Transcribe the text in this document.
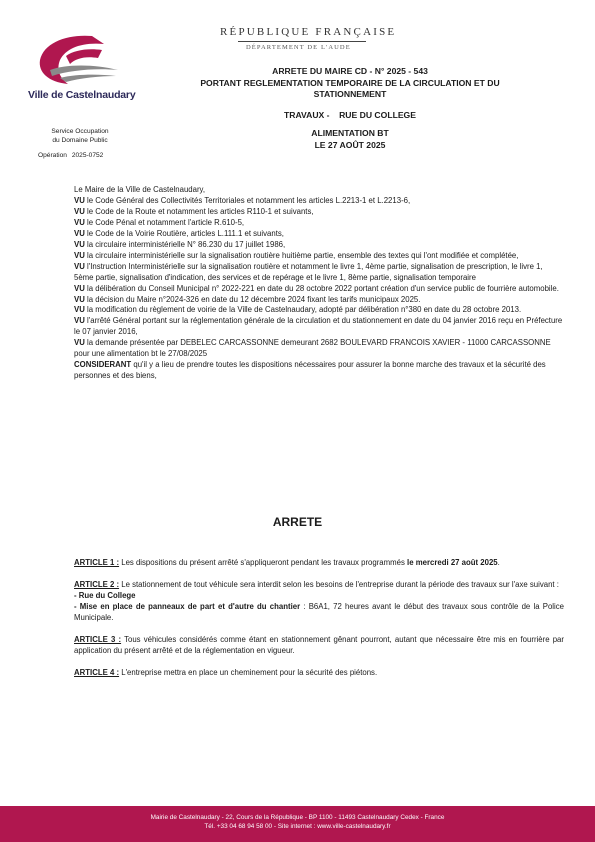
Ville de Castelnaudary
Service Occupation
du Domaine Public
Opération 2025-0752
RÉPUBLIQUE FRANÇAISE
DÉPARTEMENT DE L'AUDE

ARRETE DU MAIRE CD - N° 2025 - 543

PORTANT REGLEMENTATION TEMPORAIRE DE LA CIRCULATION ET DU

STATIONNEMENT

TRAVAUX -    RUE DU COLLEGE

ALIMENTATION BT

LE 27 AOÛT 2025

Le Maire de la Ville de Castelnaudary,

VU le Code Général des Collectivités Territoriales et notamment les articles L.2213-1 et L.2213-6,

VU le Code de la Route et notamment les articles R110-1 et suivants,

VU le Code Pénal et notamment l'article R.610-5,

VU le Code de la Voirie Routière, articles L.111.1 et suivants,

VU la circulaire interministérielle N° 86.230 du 17 juillet 1986,

VU la circulaire interministérielle sur la signalisation routière huitième partie, ensemble des textes qui l'ont modifiée et complétée,

VU l'Instruction Interministérielle sur la signalisation routière et notamment le livre 1, 4ème partie, signalisation de prescription, le livre 1, 5ème partie, signalisation d'indication, des services et de repérage et le livre 1, 8ème partie, signalisation temporaire

VU la délibération du Conseil Municipal n° 2022-221 en date du 28 octobre 2022 portant création d'un service public de fourrière automobile.

VU la décision du Maire n°2024-326 en date du 12 décembre 2024 fixant les tarifs municipaux 2025.

VU la modification du règlement de voirie de la Ville de Castelnaudary, adopté par délibération n°380 en date du 28 octobre 2013.

VU l'arrêté Général portant sur la réglementation générale de la circulation et du stationnement en date du 04 janvier 2016 reçu en Préfecture le 07 janvier 2016,

VU la demande présentée par DEBELEC CARCASSONNE demeurant 2682 BOULEVARD FRANCOIS XAVIER - 11000 CARCASSONNE pour une alimentation bt le 27/08/2025

CONSIDERANT qu'il y a lieu de prendre toutes les dispositions nécessaires pour assurer la bonne marche des travaux et la sécurité des personnes et des biens,

ARRETE
ARTICLE 1 : Les dispositions du présent arrêté s'appliqueront pendant les travaux programmés le mercredi 27 août 2025.

ARTICLE 2 : Le stationnement de tout véhicule sera interdit selon les besoins de l'entreprise durant la période des travaux sur l'axe suivant :

- Rue du College

- Mise en place de panneaux de part et d'autre du chantier : B6A1, 72 heures avant le début des travaux sous contrôle de la Police Municipale.

ARTICLE 3 : Tous véhicules considérés comme étant en stationnement gênant pourront, autant que nécessaire être mis en fourrière par application du présent arrêté et de la réglementation en vigueur.
ARTICLE 4 : L'entreprise mettra en place un cheminement pour la sécurité des piétons.
Mairie de Castelnaudary - 22, Cours de la République - BP 1100 - 11493 Castelnaudary Cedex - France
Tél. +33 04 68 94 58 00 - Site internet : www.ville-castelnaudary.fr
